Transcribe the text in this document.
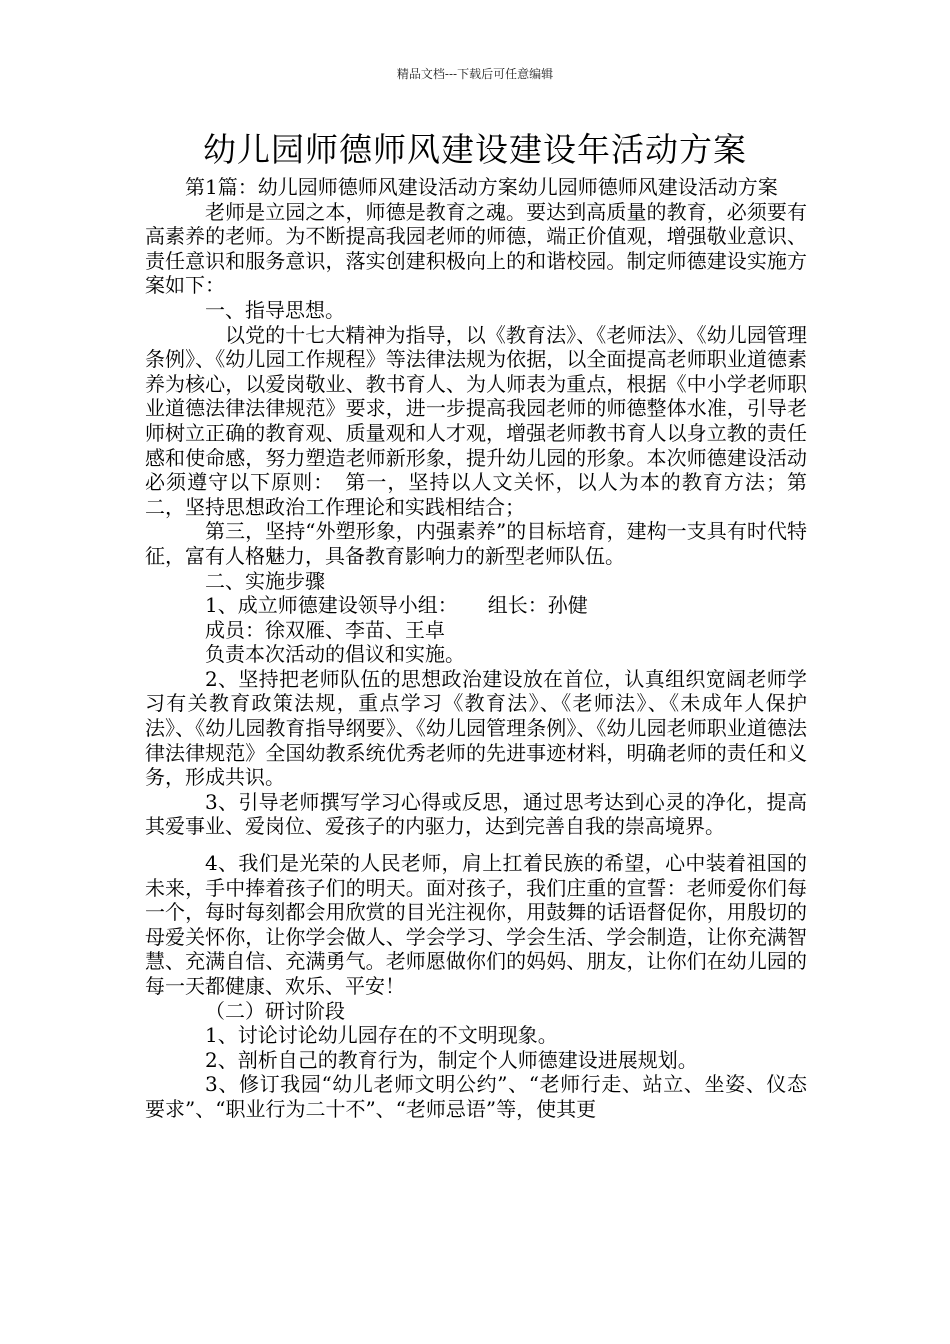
精品文档---下载后可任意编辑
幼儿园师德师风建设建设年活动方案

第1篇：幼儿园师德师风建设活动方案幼儿园师德师风建设活动方案

老师是立园之本，师德是教育之魂。要达到高质量的教育，必须要有高素养的老师。为不断提高我园老师的师德，端正价值观，增强敬业意识、责任意识和服务意识，落实创建积极向上的和谐校园。制定师德建设实施方案如下：

一、指导思想。

以党的十七大精神为指导，以《教育法》、《老师法》、《幼儿园管理条例》、《幼儿园工作规程》等法律法规为依据，以全面提高老师职业道德素养为核心，以爱岗敬业、教书育人、为人师表为重点，根据《中小学老师职业道德法律法律规范》要求，进一步提高我园老师的师德整体水准，引导老师树立正确的教育观、质量观和人才观，增强老师教书育人以身立教的责任感和使命感，努力塑造老师新形象，提升幼儿园的形象。本次师德建设活动必须遵守以下原则：　第一，坚持以人文关怀，以人为本的教育方法；第二，坚持思想政治工作理论和实践相结合；

第三，坚持“外塑形象，内强素养”的目标培育，建构一支具有时代特征，富有人格魅力，具备教育影响力的新型老师队伍。

二、实施步骤

1、成立师德建设领导小组：　　组长：孙健

成员：徐双雁、李苗、王卓

负责本次活动的倡议和实施。

2、坚持把老师队伍的思想政治建设放在首位，认真组织宽阔老师学习有关教育政策法规，重点学习《教育法》、《老师法》、《未成年人保护法》、《幼儿园教育指导纲要》、《幼儿园管理条例》、《幼儿园老师职业道德法律法律规范》全国幼教系统优秀老师的先进事迹材料，明确老师的责任和义务，形成共识。

3、引导老师撰写学习心得或反思，通过思考达到心灵的净化，提高其爱事业、爱岗位、爱孩子的内驱力，达到完善自我的崇高境界。

4、我们是光荣的人民老师，肩上扛着民族的希望，心中装着祖国的未来，手中捧着孩子们的明天。面对孩子，我们庄重的宣誓：老师爱你们每一个，每时每刻都会用欣赏的目光注视你，用鼓舞的话语督促你，用殷切的母爱关怀你，让你学会做人、学会学习、学会生活、学会制造，让你充满智慧、充满自信、充满勇气。老师愿做你们的妈妈、朋友，让你们在幼儿园的每一天都健康、欢乐、平安！

（二）研讨阶段

1、讨论讨论幼儿园存在的不文明现象。

2、剖析自己的教育行为，制定个人师德建设进展规划。

3、修订我园“幼儿老师文明公约”、“老师行走、站立、坐姿、仪态要求”、“职业行为二十不”、“老师忌语”等，使其更
